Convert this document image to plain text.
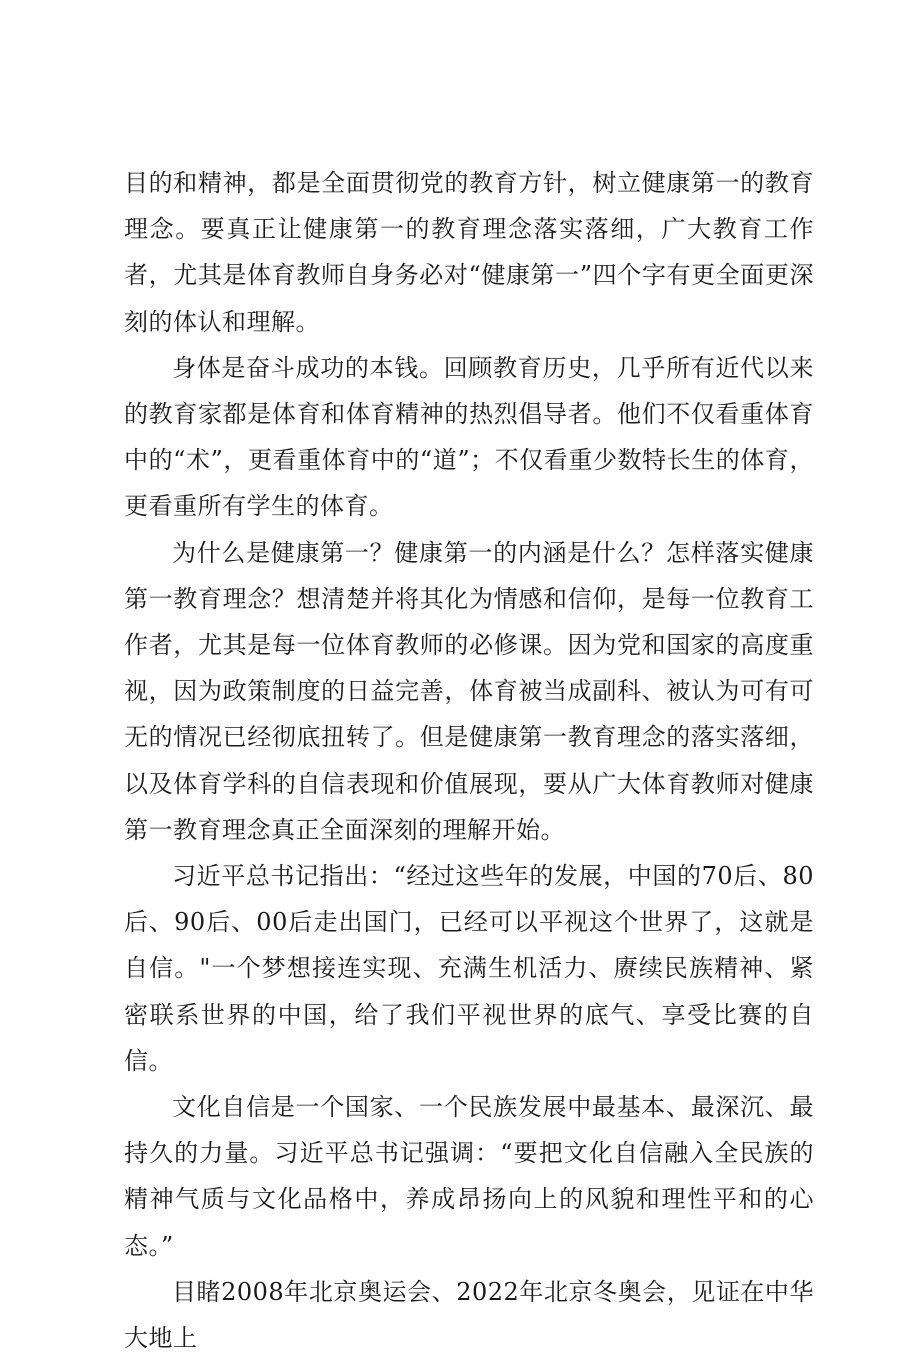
目的和精神，都是全面贯彻党的教育方针，树立健康第一的教育理念。要真正让健康第一的教育理念落实落细，广大教育工作者，尤其是体育教师自身务必对“健康第一”四个字有更全面更深刻的体认和理解。

身体是奋斗成功的本钱。回顾教育历史，几乎所有近代以来的教育家都是体育和体育精神的热烈倡导者。他们不仅看重体育中的“术”，更看重体育中的“道”；不仅看重少数特长生的体育，更看重所有学生的体育。

为什么是健康第一？健康第一的内涵是什么？怎样落实健康第一教育理念？想清楚并将其化为情感和信仰，是每一位教育工作者，尤其是每一位体育教师的必修课。因为党和国家的高度重视，因为政策制度的日益完善，体育被当成副科、被认为可有可无的情况已经彻底扭转了。但是健康第一教育理念的落实落细，以及体育学科的自信表现和价值展现，要从广大体育教师对健康第一教育理念真正全面深刻的理解开始。

习近平总书记指出：“经过这些年的发展，中国的70后、80后、90后、00后走出国门，已经可以平视这个世界了，这就是自信。"一个梦想接连实现、充满生机活力、赓续民族精神、紧密联系世界的中国，给了我们平视世界的底气、享受比赛的自信。

文化自信是一个国家、一个民族发展中最基本、最深沉、最持久的力量。习近平总书记强调：“要把文化自信融入全民族的精神气质与文化品格中，养成昂扬向上的风貌和理性平和的心态。”

目睹2008年北京奥运会、2022年北京冬奥会，见证在中华大地上
